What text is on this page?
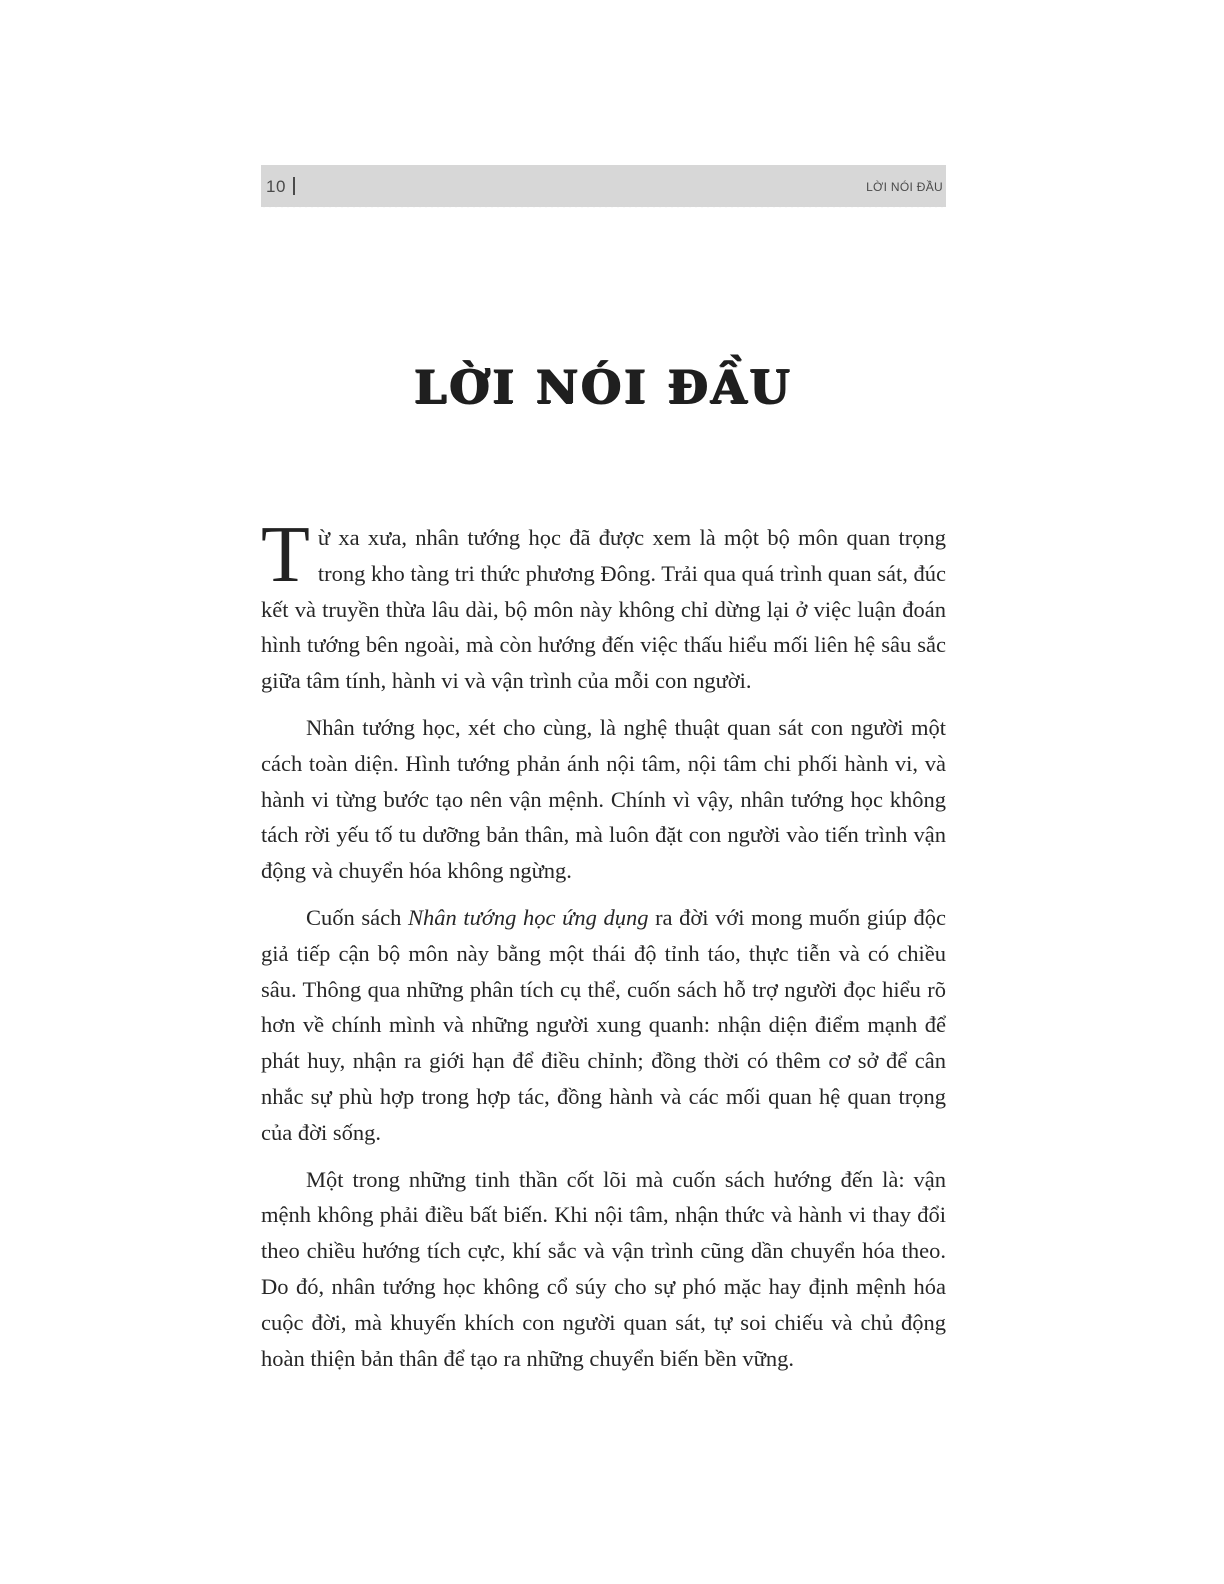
10	LỜI NÓI ĐẦU
LỜI NÓI ĐẦU

Từ xa xưa, nhân tướng học đã được xem là một bộ môn quan trọng trong kho tàng tri thức phương Đông. Trải qua quá trình quan sát, đúc kết và truyền thừa lâu dài, bộ môn này không chỉ dừng lại ở việc luận đoán hình tướng bên ngoài, mà còn hướng đến việc thấu hiểu mối liên hệ sâu sắc giữa tâm tính, hành vi và vận trình của mỗi con người.

Nhân tướng học, xét cho cùng, là nghệ thuật quan sát con người một cách toàn diện. Hình tướng phản ánh nội tâm, nội tâm chi phối hành vi, và hành vi từng bước tạo nên vận mệnh. Chính vì vậy, nhân tướng học không tách rời yếu tố tu dưỡng bản thân, mà luôn đặt con người vào tiến trình vận động và chuyển hóa không ngừng.

Cuốn sách Nhân tướng học ứng dụng ra đời với mong muốn giúp độc giả tiếp cận bộ môn này bằng một thái độ tỉnh táo, thực tiễn và có chiều sâu. Thông qua những phân tích cụ thể, cuốn sách hỗ trợ người đọc hiểu rõ hơn về chính mình và những người xung quanh: nhận diện điểm mạnh để phát huy, nhận ra giới hạn để điều chỉnh; đồng thời có thêm cơ sở để cân nhắc sự phù hợp trong hợp tác, đồng hành và các mối quan hệ quan trọng của đời sống.

Một trong những tinh thần cốt lõi mà cuốn sách hướng đến là: vận mệnh không phải điều bất biến. Khi nội tâm, nhận thức và hành vi thay đổi theo chiều hướng tích cực, khí sắc và vận trình cũng dần chuyển hóa theo. Do đó, nhân tướng học không cổ súy cho sự phó mặc hay định mệnh hóa cuộc đời, mà khuyến khích con người quan sát, tự soi chiếu và chủ động hoàn thiện bản thân để tạo ra những chuyển biến bền vững.
